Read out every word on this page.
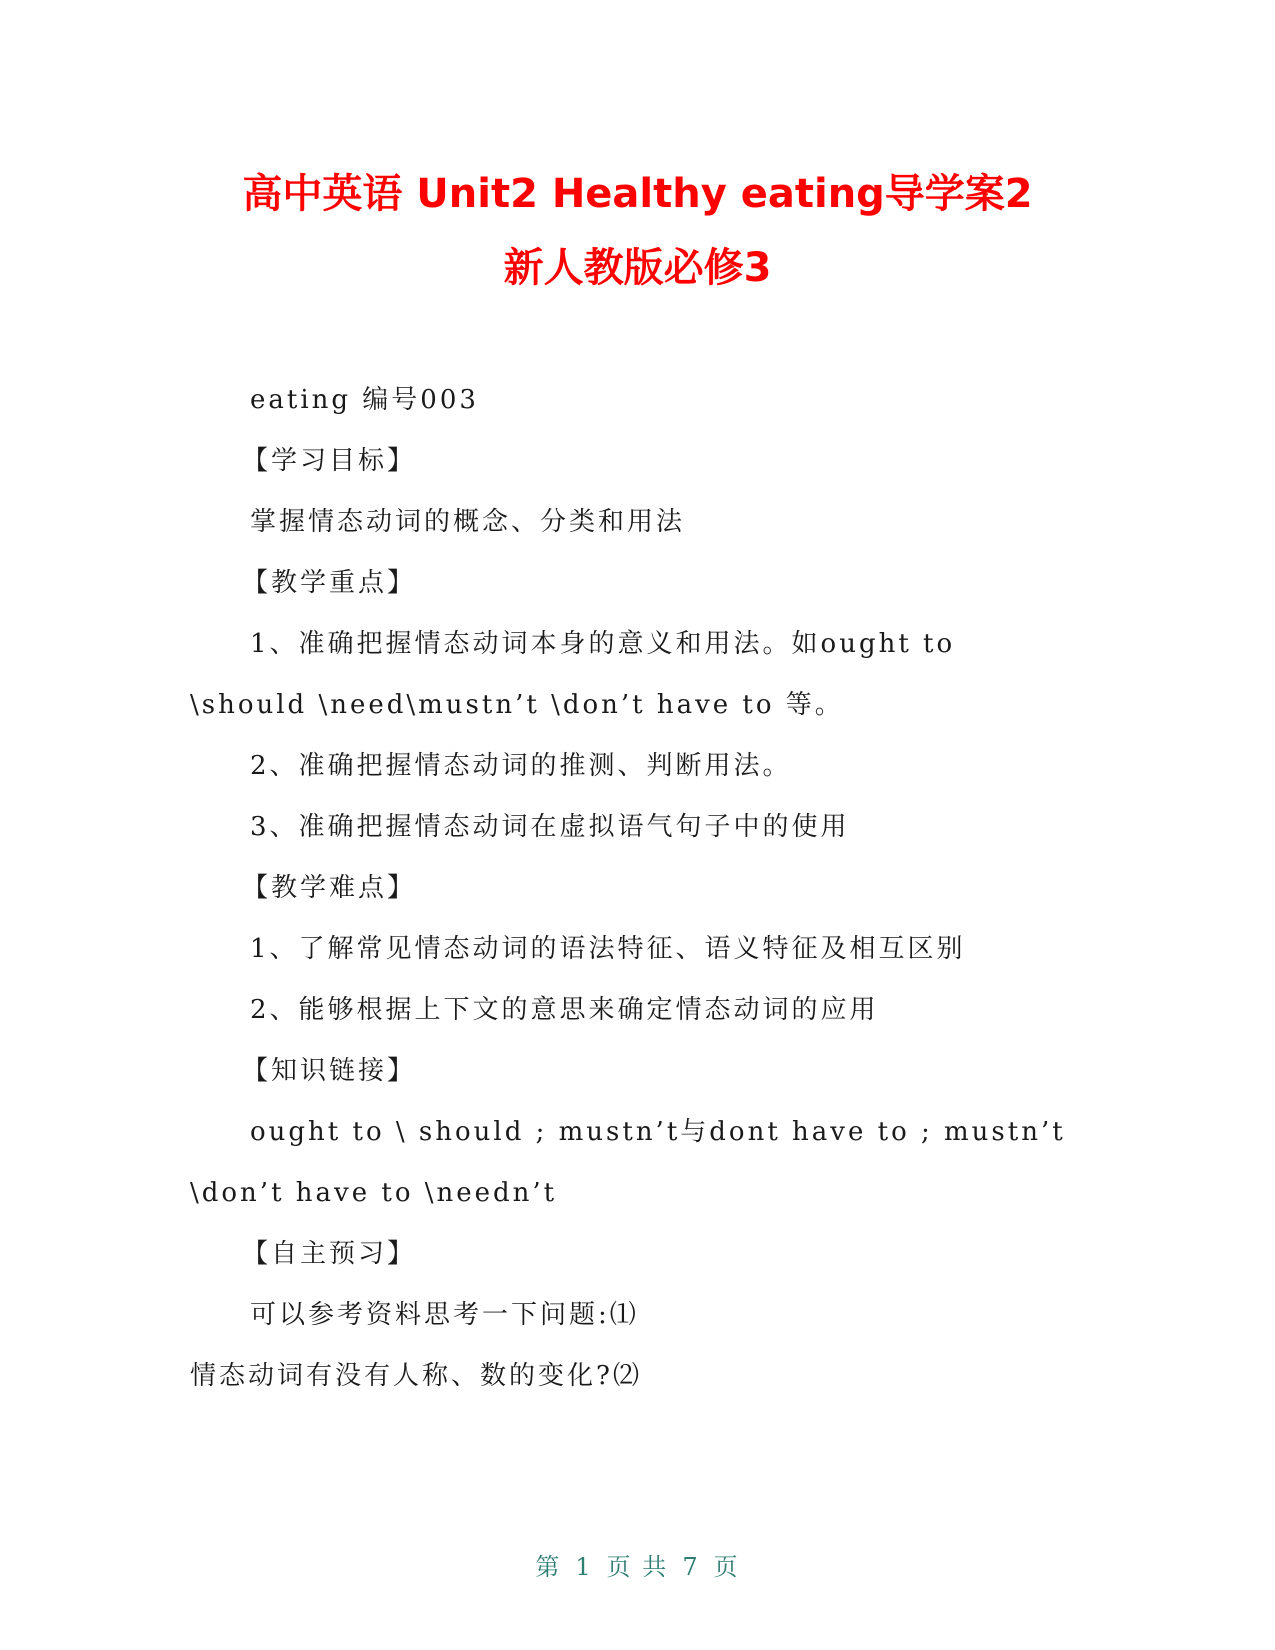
高中英语 Unit2 Healthy eating导学案2
新人教版必修3

eating 编号003

【学习目标】

掌握情态动词的概念、分类和用法

【教学重点】

1、准确把握情态动词本身的意义和用法。如ought to

\should \need\mustn’t \don’t have to 等。

2、准确把握情态动词的推测、判断用法。

3、准确把握情态动词在虚拟语气句子中的使用

【教学难点】

1、了解常见情态动词的语法特征、语义特征及相互区别

2、能够根据上下文的意思来确定情态动词的应用

【知识链接】

ought to \ should ; mustn’t与dont have to ; mustn’t

\don’t have to \needn’t

【自主预习】

可以参考资料思考一下问题:⑴

情态动词有没有人称、数的变化?⑵

第 1 页 共 7 页
